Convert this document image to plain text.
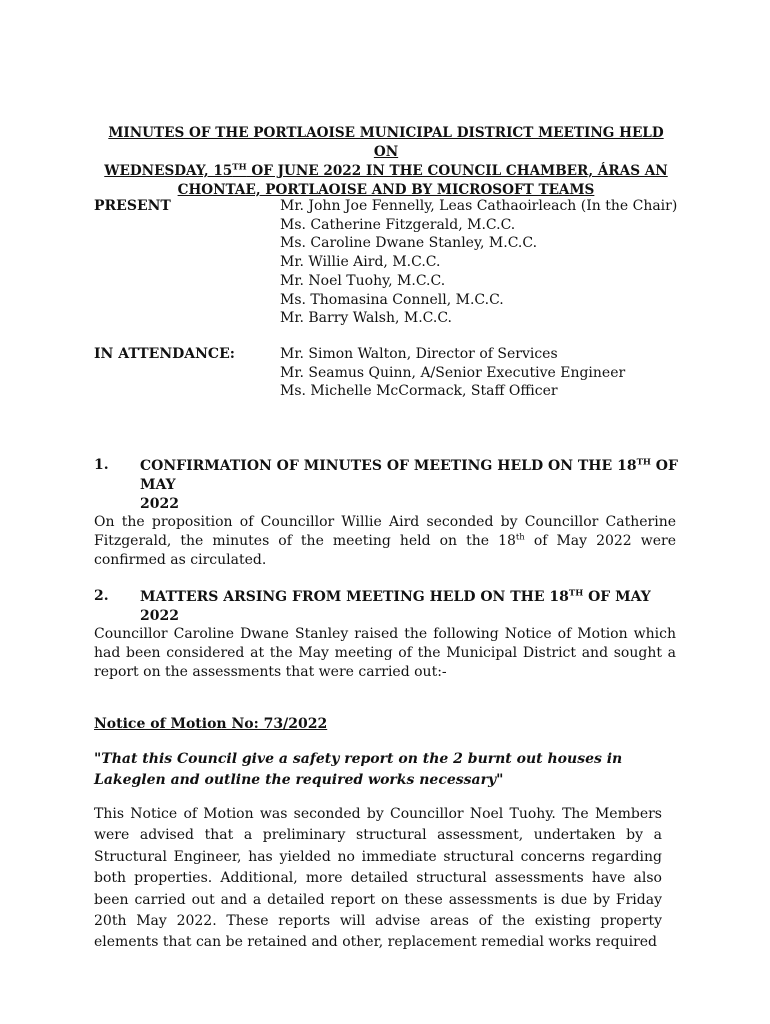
MINUTES OF THE PORTLAOISE MUNICIPAL DISTRICT MEETING HELD ON
WEDNESDAY, 15TH OF JUNE 2022 IN THE COUNCIL CHAMBER, ÁRAS AN
CHONTAE, PORTLAOISE AND BY MICROSOFT TEAMS
PRESENT	Mr. John Joe Fennelly, Leas Cathaoirleach (In the Chair)
Ms. Catherine Fitzgerald, M.C.C.
Ms. Caroline Dwane Stanley, M.C.C.
Mr. Willie Aird, M.C.C.
Mr. Noel Tuohy, M.C.C.
Ms. Thomasina Connell, M.C.C.
Mr. Barry Walsh, M.C.C.
IN ATTENDANCE:	Mr. Simon Walton, Director of Services
Mr. Seamus Quinn, A/Senior Executive Engineer
Ms. Michelle McCormack, Staff Officer
1. CONFIRMATION OF MINUTES OF MEETING HELD ON THE 18TH OF MAY
2022

On the proposition of Councillor Willie Aird seconded by Councillor Catherine Fitzgerald, the minutes of the meeting held on the 18th of May 2022 were confirmed as circulated.

2. MATTERS ARSING FROM MEETING HELD ON THE 18TH OF MAY 2022

Councillor Caroline Dwane Stanley raised the following Notice of Motion which had been considered at the May meeting of the Municipal District and sought a report on the assessments that were carried out:-

Notice of Motion No: 73/2022

"That this Council give a safety report on the 2 burnt out houses in Lakeglen and outline the required works necessary"

This Notice of Motion was seconded by Councillor Noel Tuohy. The Members were advised that a preliminary structural assessment, undertaken by a Structural Engineer, has yielded no immediate structural concerns regarding both properties. Additional, more detailed structural assessments have also been carried out and a detailed report on these assessments is due by Friday 20th May 2022. These reports will advise areas of the existing property elements that can be retained and other, replacement remedial works required
